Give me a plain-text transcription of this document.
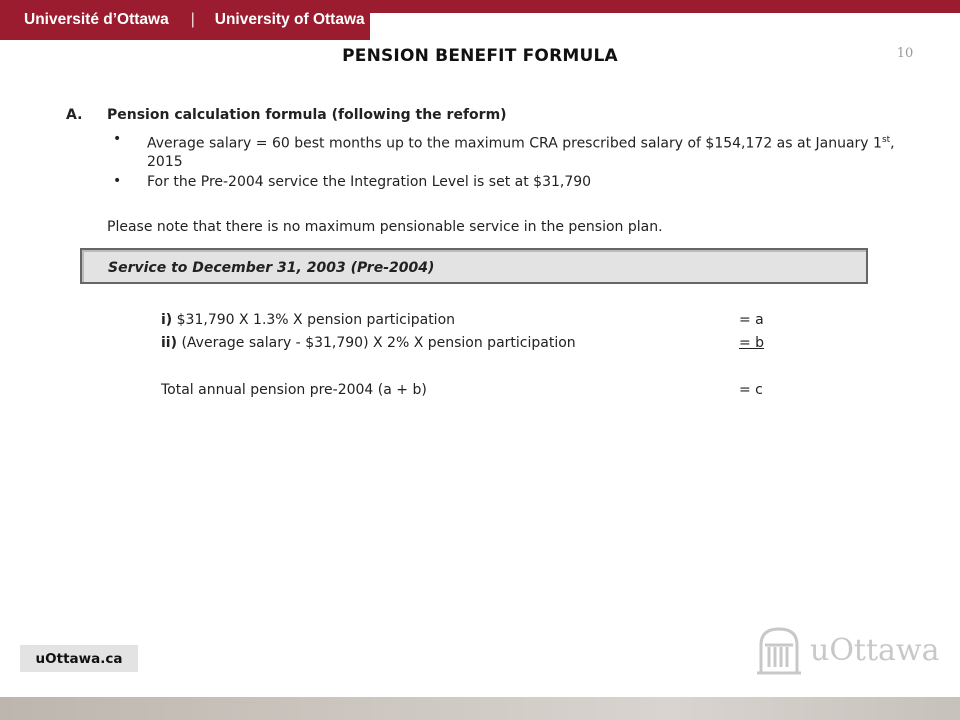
Université d’Ottawa | University of Ottawa
PENSION BENEFIT FORMULA	10
A. Pension calculation formula (following the reform)
• Average salary = 60 best months up to the maximum CRA prescribed salary of $154,172 as at January 1st, 2015
• For the Pre-2004 service the Integration Level is set at $31,790
Please note that there is no maximum pensionable service in the pension plan.
Service to December 31, 2003 (Pre-2004)
i) $31,790 X 1.3% X pension participation	= a
ii) (Average salary - $31,790) X 2% X pension participation	= b
Total annual pension pre-2004 (a + b)	= c
uOttawa.ca	uOttawa
